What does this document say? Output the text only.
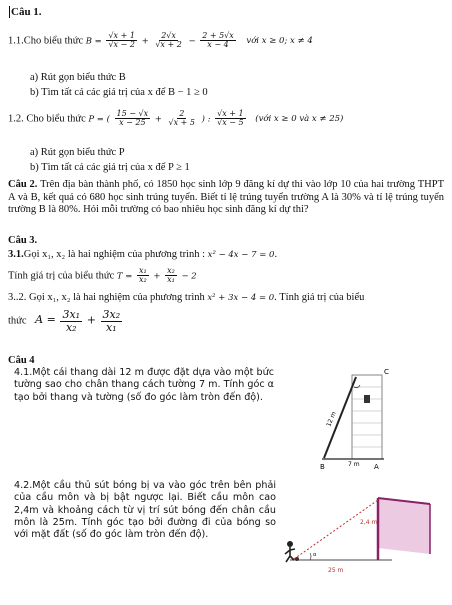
Câu 1.
1.1.Cho biểu thức $B = \frac{√x + 1}{√x - 2} + \frac{2√x}{√x + 2} - \frac{2 + 5√x}{x - 4}$ với x ≥ 0; x ≠ 4
a) Rút gọn biểu thức B
b) Tìm tất cả các giá trị của x để B − 1 ≥ 0
1.2. Cho biểu thức P = ( $\frac{15 - √x}{x - 25} + \frac{2}{√x + 5}$ ) : $\frac{√x + 1}{√x - 5}$ (với x ≥ 0 và x ≠ 25)
a) Rút gọn biểu thức P
b) Tìm tất cả các giá trị của x để P ≥ 1
Câu 2. Trên địa bàn thành phố, có 1850 học sinh lớp 9 đăng kí dự thi vào lớp 10 của hai trường THPT A và B, kết quả có 680 học sinh trúng tuyển. Biết tỉ lệ trúng tuyển trường A là 30% và tỉ lệ trúng tuyển trường B là 80%. Hỏi mỗi trường có bao nhiêu học sinh đăng kí dự thi?
Câu 3.
3.1.Gọi x₁, x₂ là hai nghiệm của phương trình : x² − 4x − 7 = 0.
Tính giá trị của biểu thức $T = \frac{\text{x₁}}{\text{x₂}} + \frac{\text{x₂}}{\text{x₁}} - 2$
3..2. Gọi x₁, x₂ là hai nghiệm của phương trình x² + 3x − 4 = 0. Tính giá trị của biểu
thức $A = \frac{\text{3x₁}}{\text{x₂}} + \frac{\text{3x₂}}{\text{x₁}}$
Câu 4
4.1.Một cái thang dài 12 m được đặt dựa vào một bức tường sao cho chân thang cách tường 7 m. Tính góc α tạo bởi thang và tường (số đo góc làm tròn đến độ).
C
B	A
7 m
12 m
4.2.Một cầu thủ sút bóng bị va vào góc trên bên phải của cầu môn và bị bật ngược lại. Biết cầu môn cao 2,4m và khoảng cách từ vị trí sút bóng đến chân cầu môn là 25m. Tính góc tạo bởi đường đi của bóng so với mặt đất (số đo góc làm tròn đến độ).
α
2,4 m
25 m
